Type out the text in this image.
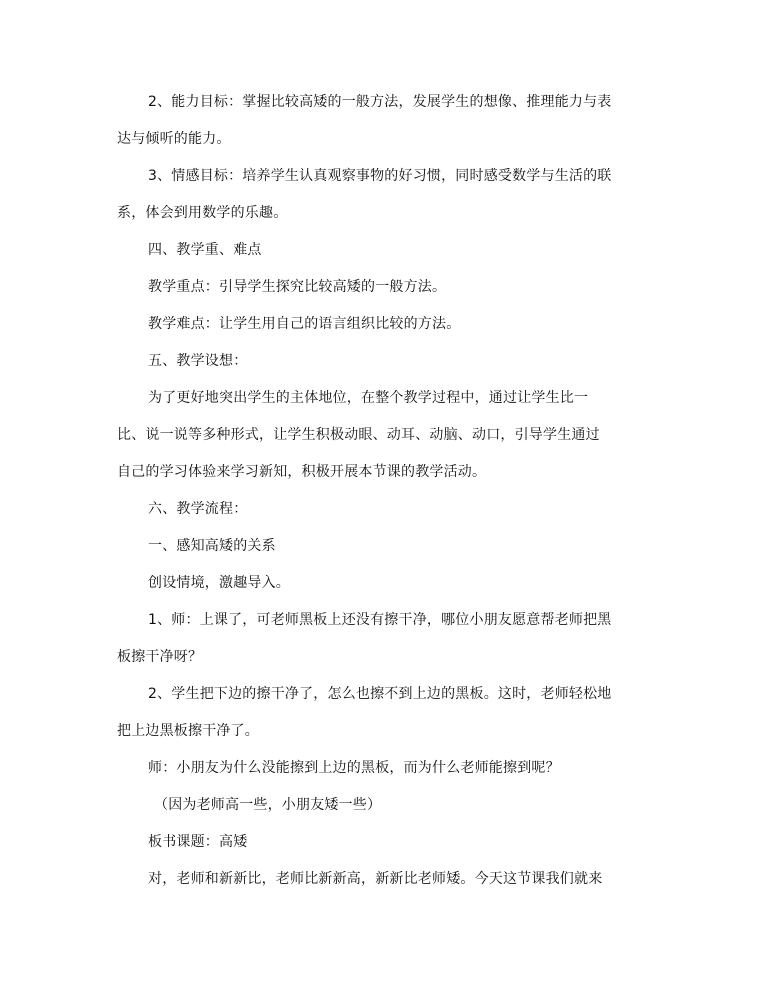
2、能力目标：掌握比较高矮的一般方法，发展学生的想像、推理能力与表
达与倾听的能力。
3、情感目标：培养学生认真观察事物的好习惯，同时感受数学与生活的联
系，体会到用数学的乐趣。
四、教学重、难点
教学重点：引导学生探究比较高矮的一般方法。
教学难点：让学生用自己的语言组织比较的方法。
五、教学设想：
为了更好地突出学生的主体地位，在整个教学过程中，通过让学生比一
比、说一说等多种形式，让学生积极动眼、动耳、动脑、动口，引导学生通过
自己的学习体验来学习新知，积极开展本节课的教学活动。
六、教学流程：
一、感知高矮的关系
创设情境，激趣导入。
1、师：上课了，可老师黑板上还没有擦干净，哪位小朋友愿意帮老师把黑
板擦干净呀？
2、学生把下边的擦干净了，怎么也擦不到上边的黑板。这时，老师轻松地
把上边黑板擦干净了。
师：小朋友为什么没能擦到上边的黑板，而为什么老师能擦到呢？
（因为老师高一些，小朋友矮一些）
板书课题：高矮
对，老师和新新比，老师比新新高，新新比老师矮。今天这节课我们就来
